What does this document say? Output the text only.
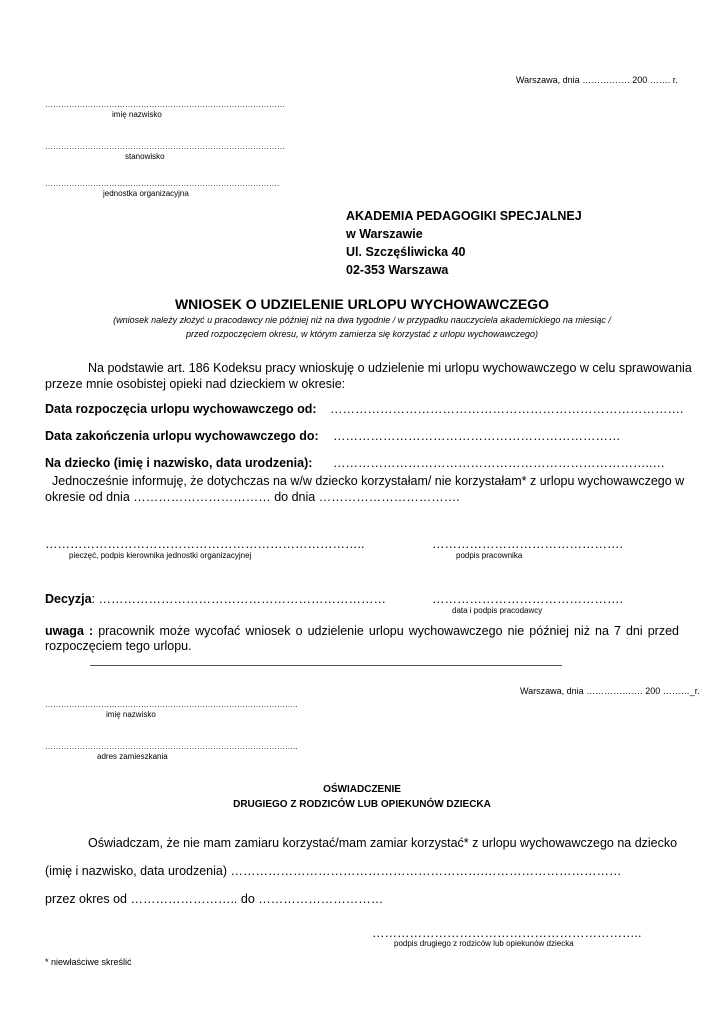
Warszawa, dnia ……………. 200 ……. r.
………………………………………………………………………………
imię nazwisko
………………………………………………………………………………
stanowisko
…………………………………………………………………………….
jednostka organizacyjna
AKADEMIA PEDAGOGIKI SPECJALNEJ
w Warszawie
Ul. Szczęśliwicka 40
02-353 Warszawa
WNIOSEK O UDZIELENIE URLOPU WYCHOWAWCZEGO
(wniosek należy złożyć u pracodawcy nie później niż na dwa tygodnie / w przypadku nauczyciela akademickiego na miesiąc /
przed rozpoczęciem okresu, w którym zamierza się korzystać z urlopu wychowawczego)
Na podstawie art. 186 Kodeksu pracy wnioskuję o udzielenie mi urlopu wychowawczego w celu sprawowania
przeze mnie osobistej opieki nad dzieckiem w okresie:
Data rozpoczęcia urlopu wychowawczego od: ………………………………………………………………………….
Data zakończenia urlopu wychowawczego do: ……………………………………………………………
Na dziecko (imię i nazwisko, data urodzenia): …………………………………………………………………..…
Jednocześnie informuję, że dotychczas na w/w dziecko korzystałam/ nie korzystałam* z urlopu wychowawczego w
okresie od dnia …………………………… do dnia …………………………….
…………………………………………………………………..
pieczęć, podpis kierownika jednostki organizacyjnej
……………………………………….
podpis pracownika
Decyzja: ……………………………………………………………	……………………………………….
data i podpis pracodawcy
uwaga : pracownik może wycofać wniosek o udzielenie urlopu wychowawczego nie później niż na 7 dni przed
rozpoczęciem tego urlopu.
Warszawa, dnia ………………. 200 ………_r.
…………………………………………………………………………………..
imię nazwisko
…………………………………………………………………………………..
adres zamieszkania
OŚWIADCZENIE
DRUGIEGO Z RODZICÓW LUB OPIEKUNÓW DZIECKA
Oświadczam, że nie mam zamiaru korzystać/mam zamiar korzystać* z urlopu wychowawczego na dziecko
(imię i nazwisko, data urodzenia) …………………………………………………….……………………………
przez okres od …………………….. do …………………………
………………………………………………………..
podpis drugiego z rodziców lub opiekunów dziecka
* niewłaściwe skreślić
